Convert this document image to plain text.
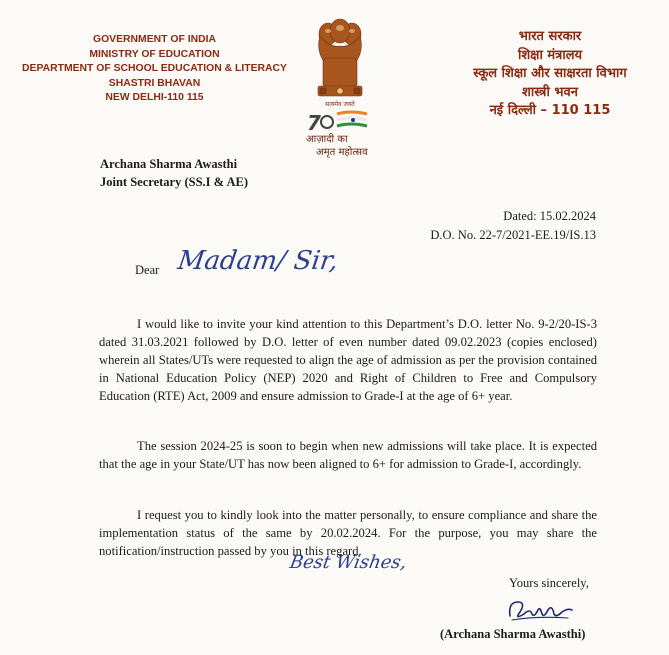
GOVERNMENT OF INDIA
MINISTRY OF EDUCATION
DEPARTMENT OF SCHOOL EDUCATION & LITERACY
SHASTRI BHAVAN
NEW DELHI-110 115
सत्यमेव जयते
7
आज़ादी का
अमृत महोत्सव
भारत सरकार
शिक्षा मंत्रालय
स्कूल शिक्षा और साक्षरता विभाग
शास्त्री भवन
नई दिल्ली – 110 115
Archana Sharma Awasthi
Joint Secretary (SS.I & AE)
Dated: 15.02.2024
D.O. No. 22-7/2021-EE.19/IS.13
Dear Madam/ Sir,
I would like to invite your kind attention to this Department’s D.O. letter No. 9-2/20-IS-3 dated 31.03.2021 followed by D.O. letter of even number dated 09.02.2023 (copies enclosed) wherein all States/UTs were requested to align the age of admission as per the provision contained in National Education Policy (NEP) 2020 and Right of Children to Free and Compulsory Education (RTE) Act, 2009 and ensure admission to Grade-I at the age of 6+ year.
The session 2024-25 is soon to begin when new admissions will take place. It is expected that the age in your State/UT has now been aligned to 6+ for admission to Grade-I, accordingly.
I request you to kindly look into the matter personally, to ensure compliance and share the implementation status of the same by 20.02.2024. For the purpose, you may share the notification/instruction passed by you in this regard.
Best Wishes,
Yours sincerely,
(Archana Sharma Awasthi)
